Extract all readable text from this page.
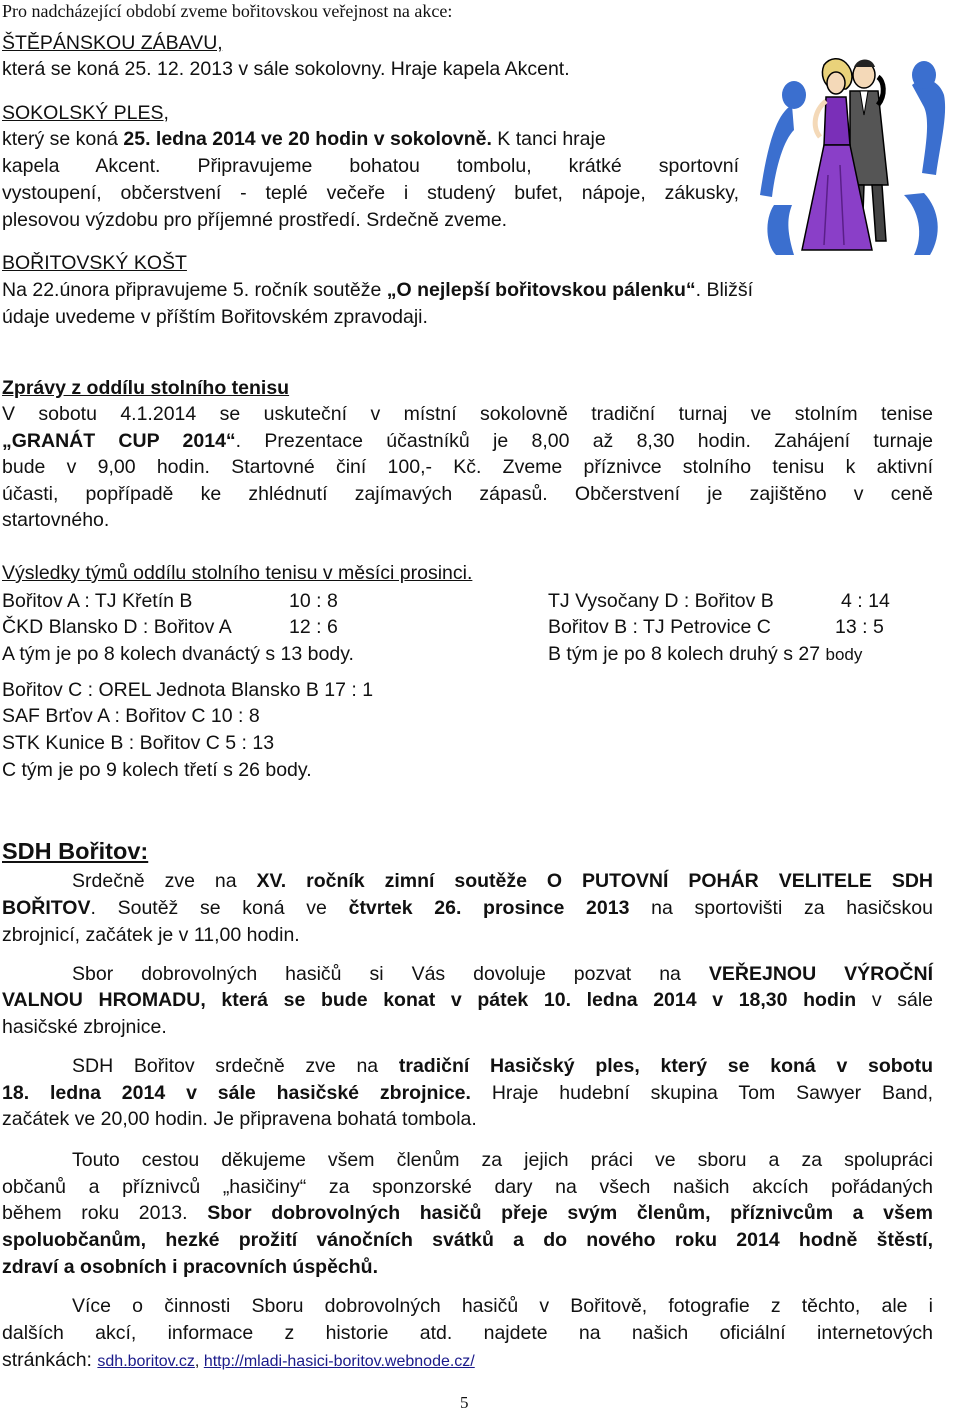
Pro nadcházející období zveme bořitovskou veřejnost na akce:
ŠTĚPÁNSKOU ZÁBAVU,
která se koná 25. 12. 2013 v sále sokolovny. Hraje kapela Akcent.
SOKOLSKÝ PLES,
který se koná 25. ledna 2014 ve 20 hodin v sokolovně. K tanci hraje
kapela Akcent. Připravujeme bohatou tombolu, krátké sportovní
vystoupení, občerstvení - teplé večeře i studený bufet, nápoje, zákusky,
plesovou výzdobu pro příjemné prostředí. Srdečně zveme.
BOŘITOVSKÝ KOŠT
Na 22.února připravujeme 5. ročník soutěže „O nejlepší bořitovskou pálenku“. Bližší
údaje uvedeme v příštím Bořitovském zpravodaji.
Zprávy z oddílu stolního tenisu
V sobotu 4.1.2014 se uskuteční v místní sokolovně tradiční turnaj ve stolním tenise
„GRANÁT CUP 2014“. Prezentace účastníků je 8,00 až 8,30 hodin. Zahájení turnaje
bude v 9,00 hodin. Startovné činí 100,- Kč. Zveme příznivce stolního tenisu k aktivní
účasti, popřípadě ke zhlédnutí zajímavých zápasů. Občerstvení je zajištěno v ceně
startovného.
Výsledky týmů oddílu stolního tenisu v měsíci prosinci.
Bořitov A : TJ Křetín B	10 : 8
ČKD Blansko D : Bořitov A	12 : 6
A tým je po 8 kolech dvanáctý s 13 body.
TJ Vysočany D : Bořitov B	4 : 14
Bořitov B : TJ Petrovice C	13 : 5
B tým je po 8 kolech druhý s 27 body
Bořitov C : OREL Jednota Blansko B 17 : 1
SAF Brťov A : Bořitov C 10 : 8
STK Kunice B : Bořitov C 5 : 13
C tým je po 9 kolech třetí s 26 body.
SDH Bořitov:
Srdečně zve na XV. ročník zimní soutěže O PUTOVNÍ POHÁR VELITELE SDH
BOŘITOV. Soutěž se koná ve čtvrtek 26. prosince 2013 na sportovišti za hasičskou
zbrojnicí, začátek je v 11,00 hodin.
Sbor dobrovolných hasičů si Vás dovoluje pozvat na VEŘEJNOU VÝROČNÍ
VALNOU HROMADU, která se bude konat v pátek 10. ledna 2014 v 18,30 hodin v sále
hasičské zbrojnice.
SDH Bořitov srdečně zve na tradiční Hasičský ples, který se koná v sobotu
18. ledna 2014 v sále hasičské zbrojnice. Hraje hudební skupina Tom Sawyer Band,
začátek ve 20,00 hodin. Je připravena bohatá tombola.
Touto cestou děkujeme všem členům za jejich práci ve sboru a za spolupráci
občanů a příznivců „hasičiny“ za sponzorské dary na všech našich akcích pořádaných
během roku 2013. Sbor dobrovolných hasičů přeje svým členům, příznivcům a všem
spoluobčanům, hezké prožití vánočních svátků a do nového roku 2014 hodně štěstí,
zdraví a osobních i pracovních úspěchů.
Více o činnosti Sboru dobrovolných hasičů v Bořitově, fotografie z těchto, ale i
dalších akcí, informace z historie atd. najdete na našich oficiální internetových
stránkách: sdh.boritov.cz, http://mladi-hasici-boritov.webnode.cz/
5
